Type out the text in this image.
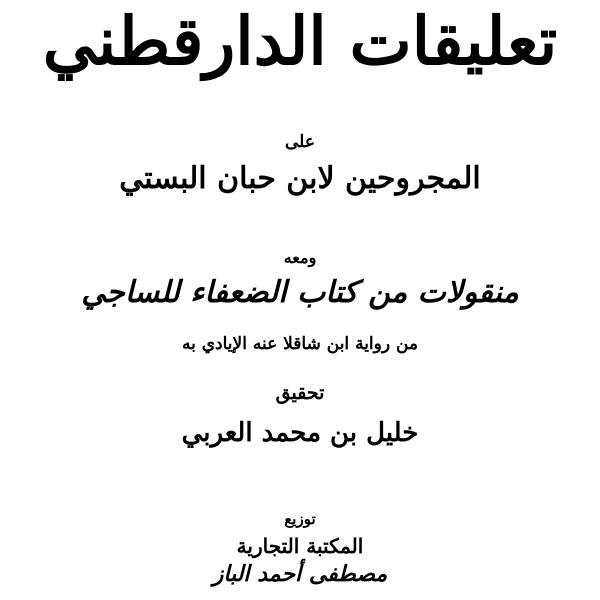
تعليقات الدارقطني
على
المجروحين لابن حبان البستي
ومعه
منقولات من كتاب الضعفاء للساجي
من رواية ابن شاقلا عنه الإيادي به
تحقيق
خليل بن محمد العربي
توزيع
المكتبة التجارية
مصطفى أحمد الباز
